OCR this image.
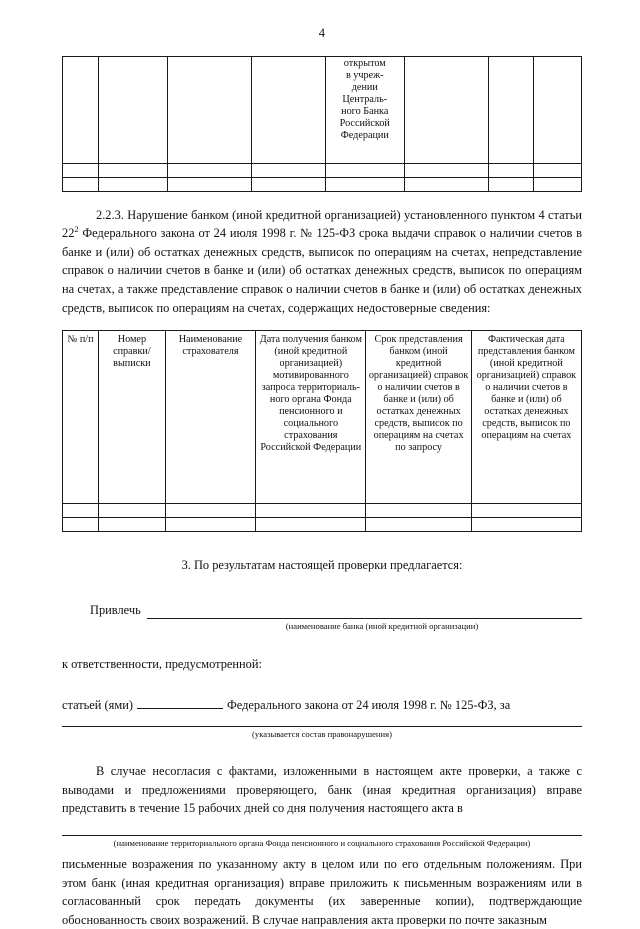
4
				открытом
в учреж-
дении
Централь-
ного Банка
Российской
Федерации			

2.2.3. Нарушение банком (иной кредитной организацией) установленного пунктом 4 статьи $22^2$ Федерального закона от 24 июля 1998 г. № 125-ФЗ срока выдачи справок о наличии счетов в банке и (или) об остатках денежных средств, выписок по операциям на счетах, непредставление справок о наличии счетов в банке и (или) об остатках денежных средств, выписок по операциям на счетах, а также представление справок о наличии счетов в банке и (или) об остатках денежных средств, выписок по операциям на счетах, содержащих недостоверные сведения:

№ п/п	Номер справки/ выписки	Наименование страхователя	Дата получения банком (иной кредитной организацией) мотивированного запроса территориаль-ного органа Фонда пенсионного и социального страхования Российской Федерации	Срок представления банком (иной кредитной организацией) справок о наличии счетов в банке и (или) об остатках денежных средств, выписок по операциям на счетах по запросу	Фактическая дата представления банком (иной кредитной организацией) справок о наличии счетов в банке и (или) об остатках денежных средств, выписок по операциям на счетах

3. По результатам настоящей проверки предлагается:
Привлечь
(наименование банка (иной кредитной организации)
к ответственности, предусмотренной:
статьей (ями)	Федерального закона от 24 июля 1998 г. № 125-ФЗ, за
(указывается состав правонарушения)

В случае несогласия с фактами, изложенными в настоящем акте проверки, а также с выводами и предложениями проверяющего, банк (иная кредитная организация) вправе представить в течение 15 рабочих дней со дня получения настоящего акта в

(наименование территориального органа Фонда пенсионного и социального страхования Российской Федерации)

письменные возражения по указанному акту в целом или по его отдельным положениям. При этом банк (иная кредитная организация) вправе приложить к письменным возражениям или в согласованный срок передать документы (их заверенные копии), подтверждающие обоснованность своих возражений. В случае направления акта проверки по почте заказным
